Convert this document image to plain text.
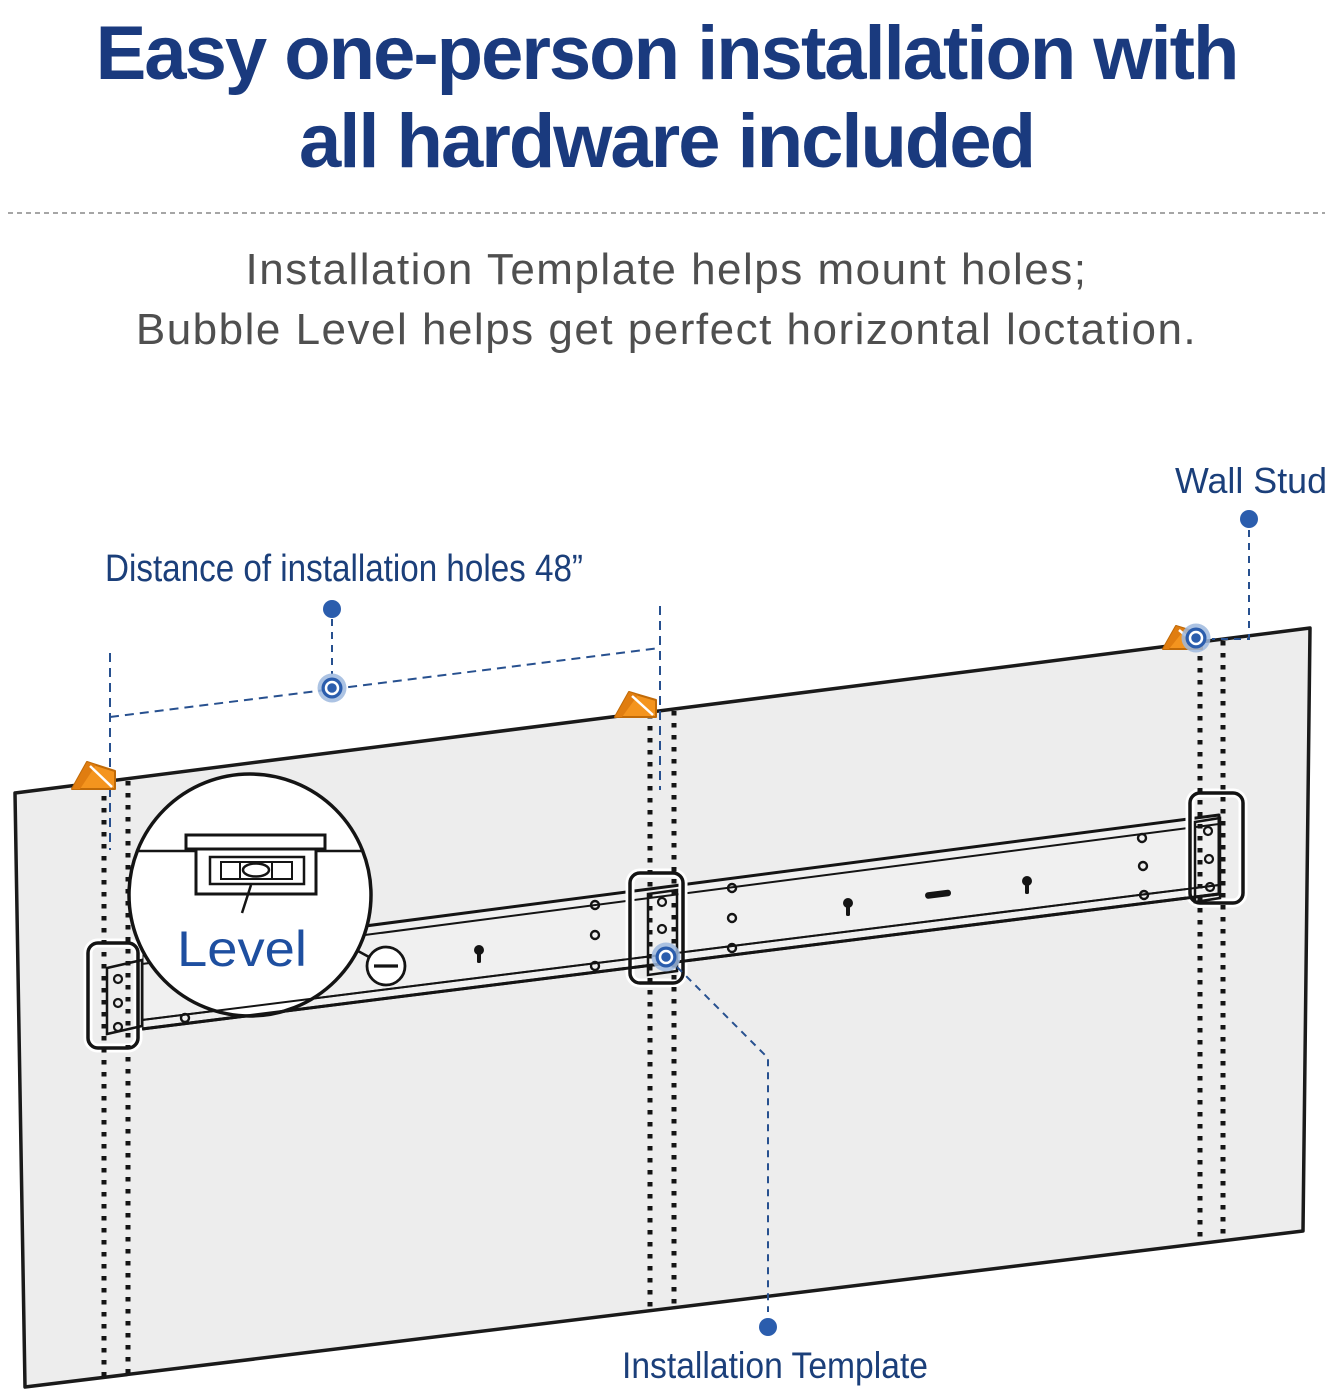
Easy one-person installation with
all hardware included
Installation Template helps mount holes;
Bubble Level helps get perfect horizontal loctation.
Level
Distance of installation holes 48”
Wall Stud
Installation Template
